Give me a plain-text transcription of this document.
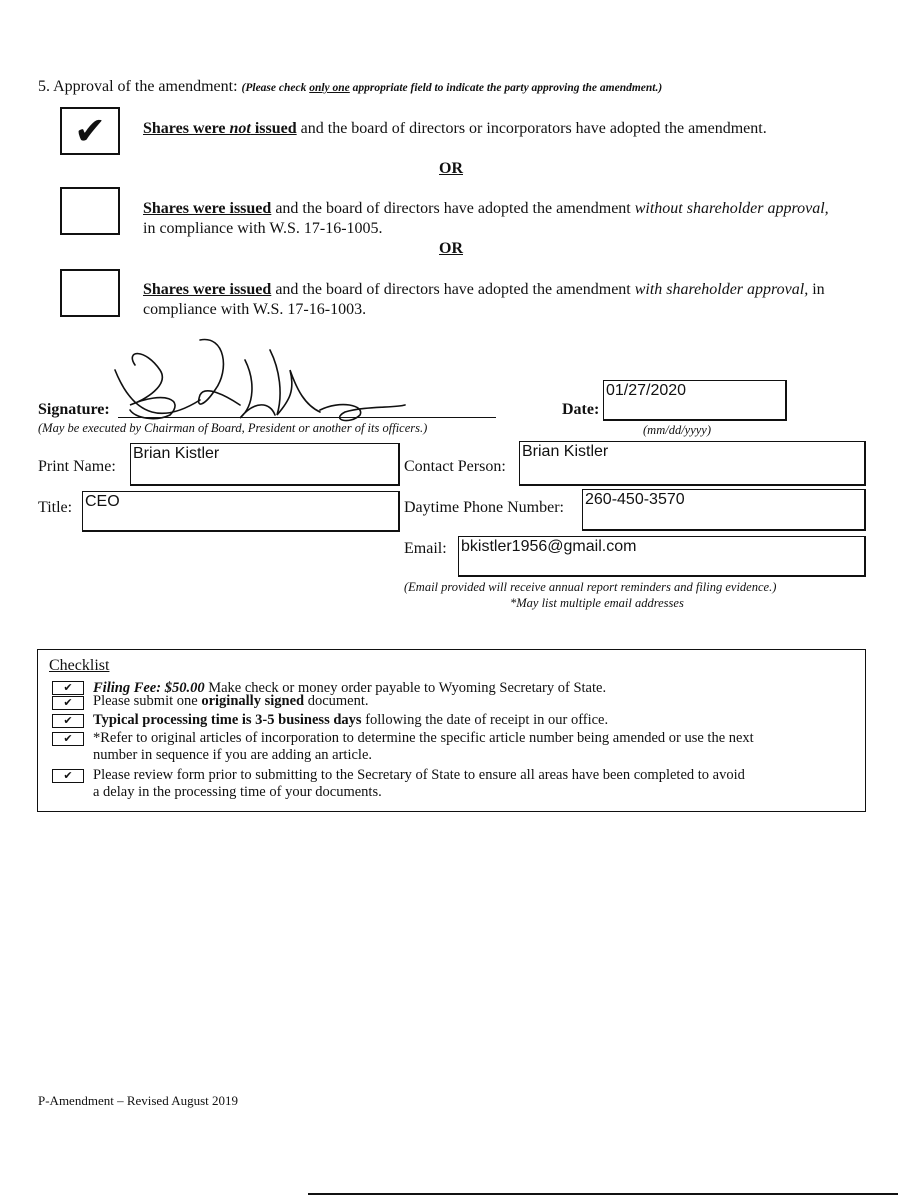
5. Approval of the amendment: (Please check only one appropriate field to indicate the party approving the amendment.)
✔	Shares were not issued and the board of directors or incorporators have adopted the amendment.
OR
Shares were issued and the board of directors have adopted the amendment without shareholder approval, in compliance with W.S. 17-16-1005.
OR
Shares were issued and the board of directors have adopted the amendment with shareholder approval, in compliance with W.S. 17-16-1003.
Signature:
(May be executed by Chairman of Board, President or another of its officers.)
Date:
01/27/2020
(mm/dd/yyyy)
Print Name:
Brian Kistler
Contact Person:
Brian Kistler
Title: CEO	Daytime Phone Number: 260-450-3570
Email: bkistler1956@gmail.com
(Email provided will receive annual report reminders and filing evidence.)
*May list multiple email addresses
Checklist
✔	Filing Fee: $50.00 Make check or money order payable to Wyoming Secretary of State.
✔	Please submit one originally signed document.
✔	Typical processing time is 3-5 business days following the date of receipt in our office.
✔	*Refer to original articles of incorporation to determine the specific article number being amended or use the next
number in sequence if you are adding an article.
✔	Please review form prior to submitting to the Secretary of State to ensure all areas have been completed to avoid
a delay in the processing time of your documents.
P-Amendment – Revised August 2019
